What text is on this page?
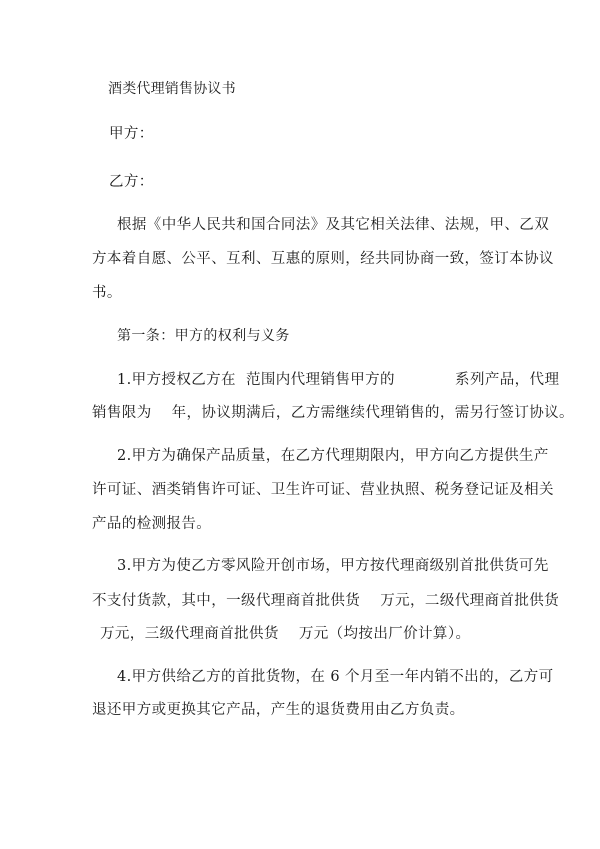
酒类代理销售协议书
甲方：
乙方：
根据《中华人民共和国合同法》及其它相关法律、法规，甲、乙双
方本着自愿、公平、互利、互惠的原则，经共同协商一致，签订本协议
书。
第一条：甲方的权利与义务
1.甲方授权乙方在  范围内代理销售甲方的            系列产品，代理
销售限为    年，协议期满后，乙方需继续代理销售的，需另行签订协议。
2.甲方为确保产品质量，在乙方代理期限内，甲方向乙方提供生产
许可证、酒类销售许可证、卫生许可证、营业执照、税务登记证及相关
产品的检测报告。
3.甲方为使乙方零风险开创市场，甲方按代理商级别首批供货可先
不支付货款，其中，一级代理商首批供货    万元，二级代理商首批供货
万元，三级代理商首批供货    万元（均按出厂价计算）。
4.甲方供给乙方的首批货物，在 6 个月至一年内销不出的，乙方可
退还甲方或更换其它产品，产生的退货费用由乙方负责。
